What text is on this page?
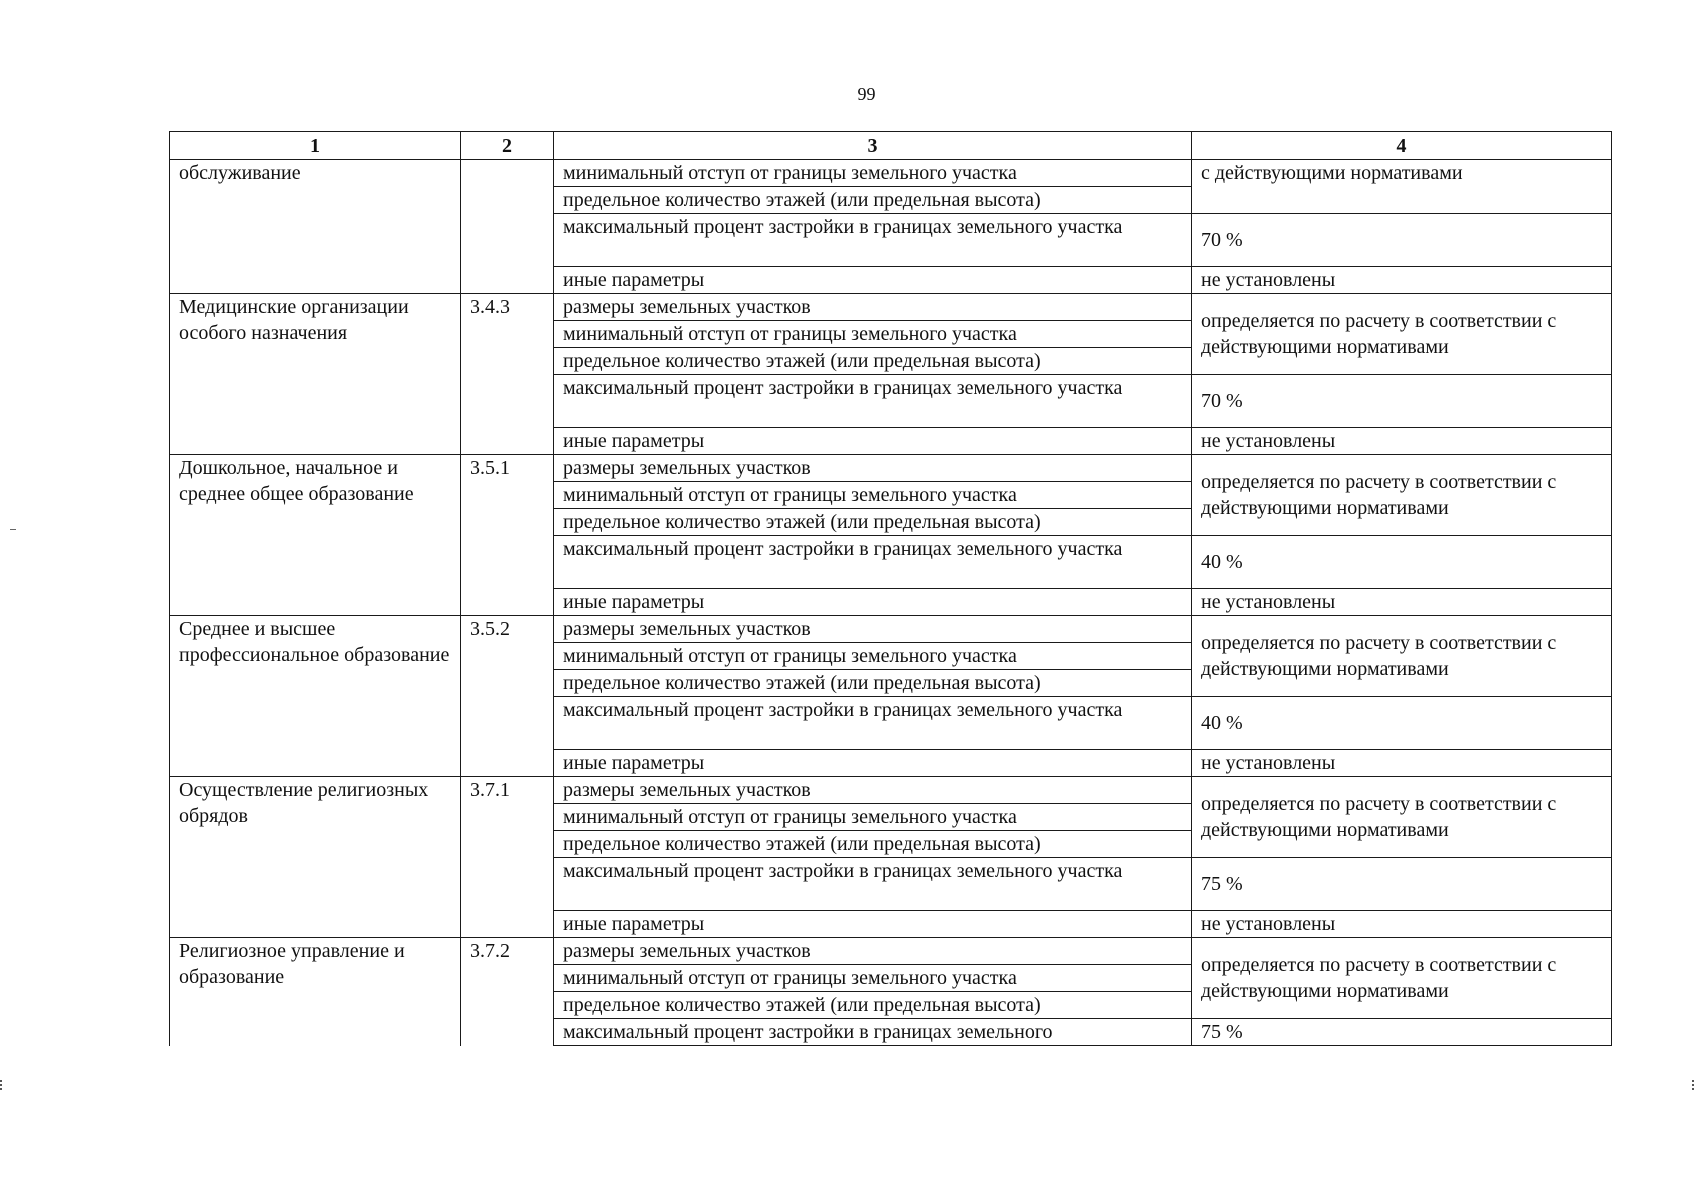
99
1	2	3	4
обслуживание		минимальный отступ от границы земельного участка	с действующими нормативами
		предельное количество этажей (или предельная высота)	
		максимальный процент застройки в границах земельного участка	70 %
		иные параметры	не установлены
Медицинские организации особого назначения	3.4.3	размеры земельных участков	определяется по расчету в соответствии с действующими нормативами
		минимальный отступ от границы земельного участка	
		предельное количество этажей (или предельная высота)	
		максимальный процент застройки в границах земельного участка	70 %
		иные параметры	не установлены
Дошкольное, начальное и среднее общее образование	3.5.1	размеры земельных участков	определяется по расчету в соответствии с действующими нормативами
		минимальный отступ от границы земельного участка	
		предельное количество этажей (или предельная высота)	
		максимальный процент застройки в границах земельного участка	40 %
		иные параметры	не установлены
Среднее и высшее профессиональное образование	3.5.2	размеры земельных участков	определяется по расчету в соответствии с действующими нормативами
		минимальный отступ от границы земельного участка	
		предельное количество этажей (или предельная высота)	
		максимальный процент застройки в границах земельного участка	40 %
		иные параметры	не установлены
Осуществление религиозных обрядов	3.7.1	размеры земельных участков	определяется по расчету в соответствии с действующими нормативами
		минимальный отступ от границы земельного участка	
		предельное количество этажей (или предельная высота)	
		максимальный процент застройки в границах земельного участка	75 %
		иные параметры	не установлены
Религиозное управление и образование	3.7.2	размеры земельных участков	определяется по расчету в соответствии с действующими нормативами
		минимальный отступ от границы земельного участка	
		предельное количество этажей (или предельная высота)	
		максимальный процент застройки в границах земельного	75 %
